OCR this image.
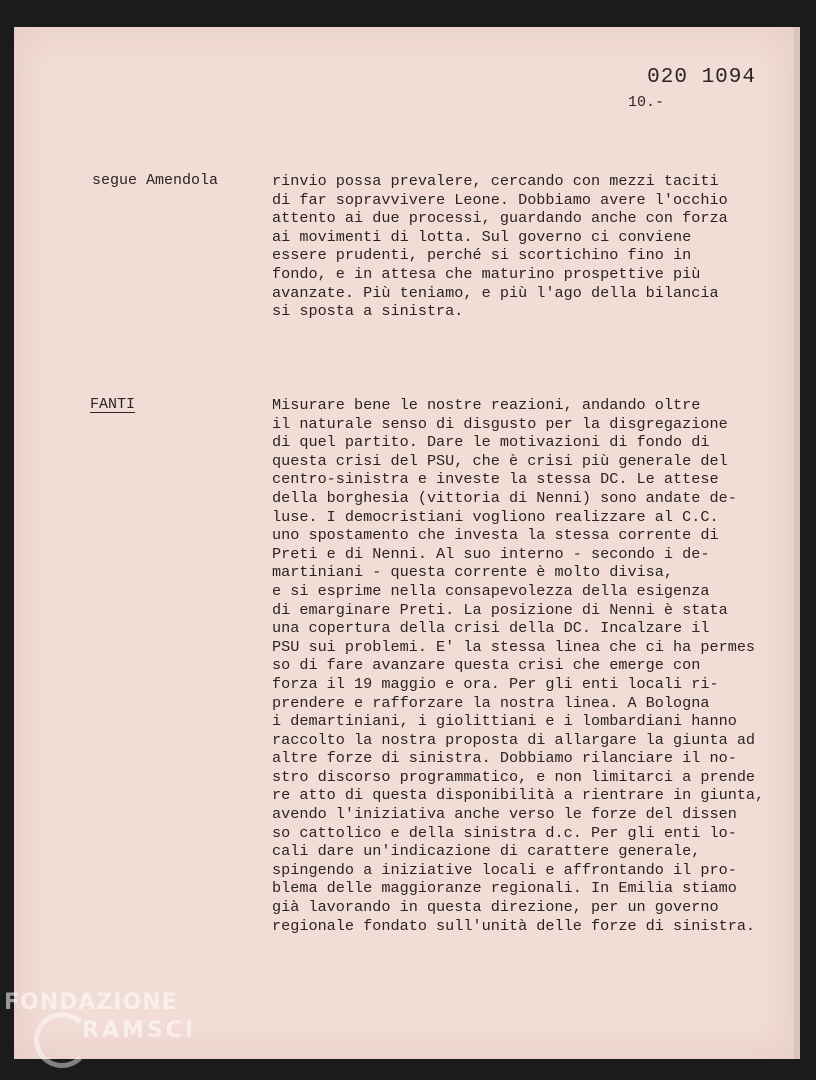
020 1094
10.-
segue Amendola	rinvio possa prevalere, cercando con mezzi taciti
di far sopravvivere Leone. Dobbiamo avere l'occhio
attento ai due processi, guardando anche con forza
ai movimenti di lotta. Sul governo ci conviene
essere prudenti, perché si scortichino fino in
fondo, e in attesa che maturino prospettive più
avanzate. Più teniamo, e più l'ago della bilancia
si sposta a sinistra.
FANTI	Misurare bene le nostre reazioni, andando oltre
il naturale senso di disgusto per la disgregazione
di quel partito. Dare le motivazioni di fondo di
questa crisi del PSU, che è crisi più generale del
centro-sinistra e investe la stessa DC. Le attese
della borghesia (vittoria di Nenni) sono andate de-
luse. I democristiani vogliono realizzare al C.C.
uno spostamento che investa la stessa corrente di
Preti e di Nenni. Al suo interno - secondo i de-
martiniani - questa corrente è molto divisa,
e si esprime nella consapevolezza della esigenza
di emarginare Preti. La posizione di Nenni è stata
una copertura della crisi della DC. Incalzare il
PSU sui problemi. E' la stessa linea che ci ha permes
so di fare avanzare questa crisi che emerge con
forza il 19 maggio e ora. Per gli enti locali ri-
prendere e rafforzare la nostra linea. A Bologna
i demartiniani, i giolittiani e i lombardiani hanno
raccolto la nostra proposta di allargare la giunta ad
altre forze di sinistra. Dobbiamo rilanciare il no-
stro discorso programmatico, e non limitarci a prende
re atto di questa disponibilità a rientrare in giunta,
avendo l'iniziativa anche verso le forze del dissen
so cattolico e della sinistra d.c. Per gli enti lo-
cali dare un'indicazione di carattere generale,
spingendo a iniziative locali e affrontando il pro-
blema delle maggioranze regionali. In Emilia stiamo
già lavorando in questa direzione, per un governo
regionale fondato sull'unità delle forze di sinistra.
FONDAZIONE
RAMSCI
